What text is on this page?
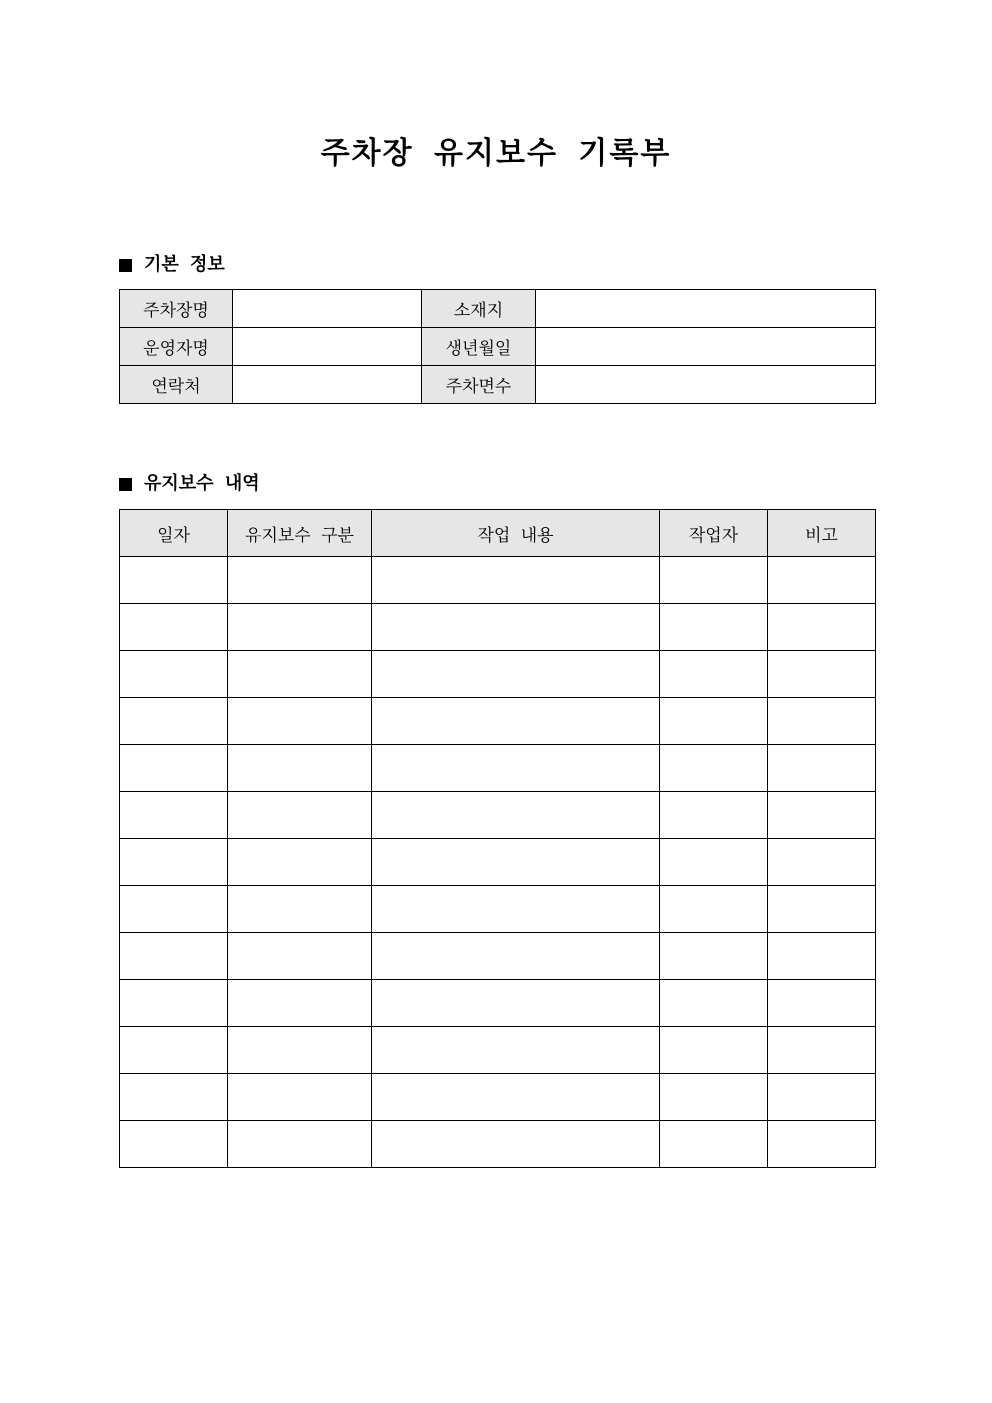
주차장 유지보수 기록부
기본 정보
주차장명		소재지	
운영자명		생년월일	
연락처		주차면수	
유지보수 내역
일자	유지보수 구분	작업 내용	작업자	비고
